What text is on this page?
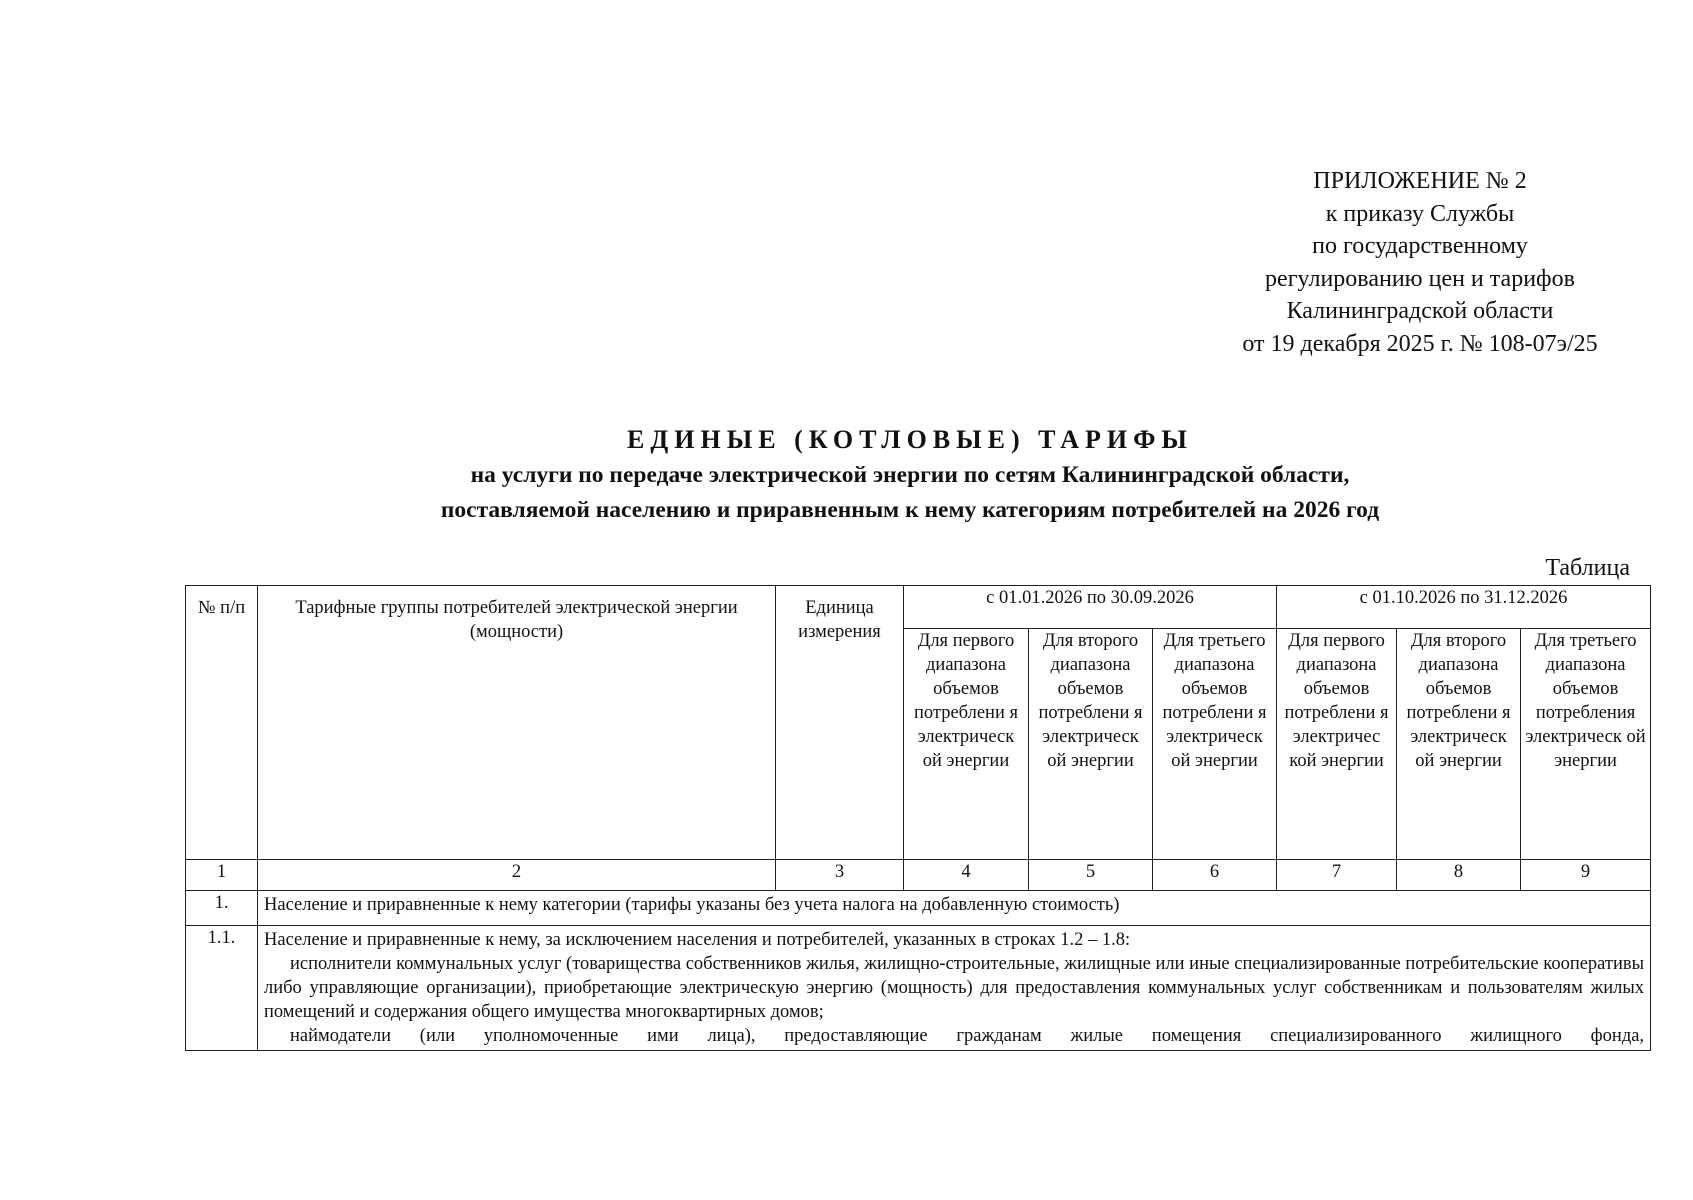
ПРИЛОЖЕНИЕ № 2
к приказу Службы
по государственному
регулированию цен и тарифов
Калининградской области
от 19 декабря 2025 г. № 108-07э/25
ЕДИНЫЕ (КОТЛОВЫЕ) ТАРИФЫ
на услуги по передаче электрической энергии по сетям Калининградской области,
поставляемой населению и приравненным к нему категориям потребителей на 2026 год
Таблица
№ п/п	Тарифные группы потребителей электрической энергии (мощности)	Единица измерения	с 01.01.2026 по 30.09.2026			с 01.10.2026 по 31.12.2026		
			Для первого диапазона объемов потреблени я электрическ ой энергии	Для второго диапазона объемов потреблени я электрическ ой энергии	Для третьего диапазона объемов потреблени я электрическ ой энергии	Для первого диапазона объемов потреблени я электричес кой энергии	Для второго диапазона объемов потреблени я электрическ ой энергии	Для третьего диапазона объемов потребления электрическ ой энергии
1	2	3	4	5	6	7	8	9
1.	Население и приравненные к нему категории (тарифы указаны без учета налога на добавленную стоимость)							
1.1.	Население и приравненные к нему, за исключением населения и потребителей, указанных в строках 1.2 – 1.8:
исполнители коммунальных услуг (товарищества собственников жилья, жилищно-строительные, жилищные или иные специализированные потребительские кооперативы либо управляющие организации), приобретающие электрическую энергию (мощность) для предоставления коммунальных услуг собственникам и пользователям жилых помещений и содержания общего имущества многоквартирных домов;
наймодатели (или уполномоченные ими лица), предоставляющие гражданам жилые помещения специализированного жилищного фонда,							
